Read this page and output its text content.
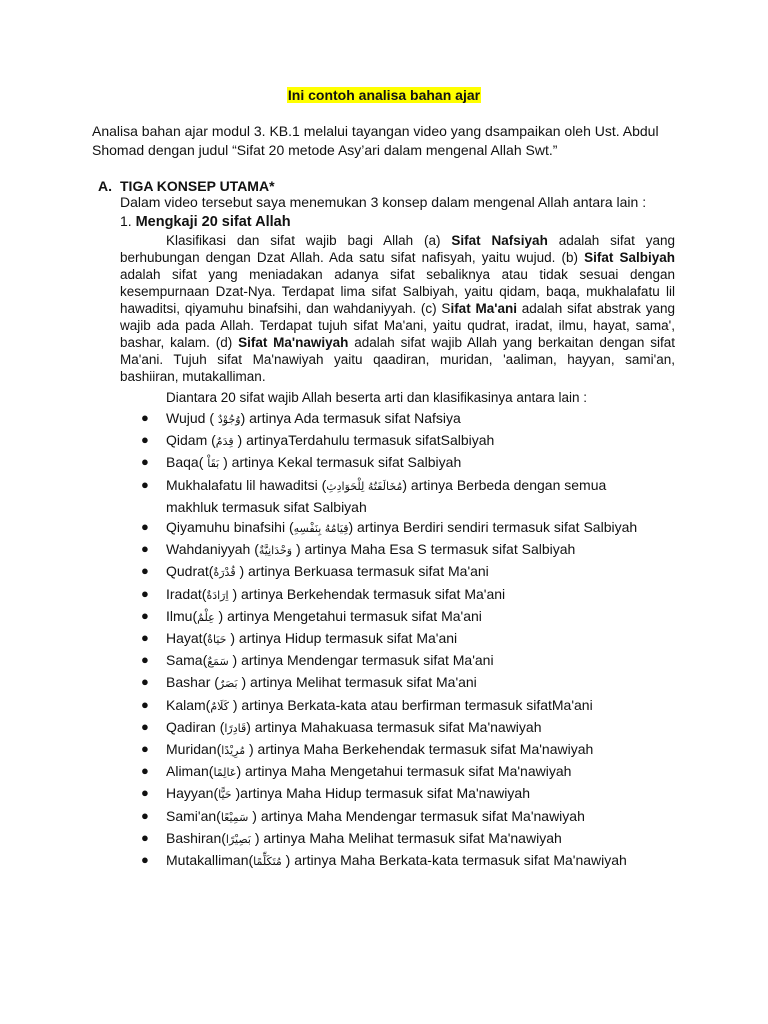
Ini contoh analisa bahan ajar
Analisa bahan ajar modul 3. KB.1 melalui tayangan video yang dsampaikan oleh Ust. Abdul Shomad dengan judul “Sifat 20 metode Asy’ari dalam mengenal Allah Swt.”
A. TIGA KONSEP UTAMA*
Dalam video tersebut saya menemukan 3 konsep dalam mengenal Allah antara lain :
1. Mengkaji 20 sifat Allah
Klasifikasi dan sifat wajib bagi Allah (a) Sifat Nafsiyah adalah sifat yang berhubungan dengan Dzat Allah. Ada satu sifat nafisyah, yaitu wujud. (b) Sifat Salbiyah adalah sifat yang meniadakan adanya sifat sebaliknya atau tidak sesuai dengan kesempurnaan Dzat-Nya. Terdapat lima sifat Salbiyah, yaitu qidam, baqa, mukhalafatu lil hawaditsi, qiyamuhu binafsihi, dan wahdaniyyah. (c) Sifat Ma'ani adalah sifat abstrak yang wajib ada pada Allah. Terdapat tujuh sifat Ma'ani, yaitu qudrat, iradat, ilmu, hayat, sama', bashar, kalam. (d) Sifat Ma'nawiyah adalah sifat wajib Allah yang berkaitan dengan sifat Ma'ani. Tujuh sifat Ma'nawiyah yaitu qaadiran, muridan, 'aaliman, hayyan, sami'an, bashiiran, mutakalliman.
Diantara 20 sifat wajib Allah beserta arti dan klasifikasinya antara lain :
● Wujud ( وُجُوْدٌ) artinya Ada termasuk sifat Nafsiya
● Qidam (قِدَمٌ ) artinyaTerdahulu termasuk sifatSalbiyah
● Baqa( بَقَاْ ) artinya Kekal termasuk sifat Salbiyah
● Mukhalafatu lil hawaditsi (مُخَالَفَتُهُ لِلْحَوَادِثِ) artinya Berbeda dengan semua makhluk termasuk sifat Salbiyah
● Qiyamuhu binafsihi (قِيَامُهُ بِنَفْسِهِ) artinya Berdiri sendiri termasuk sifat Salbiyah
● Wahdaniyyah (وَحْدَانِيَّةٌ ) artinya Maha Esa S termasuk sifat Salbiyah
● Qudrat(قُدْرَةٌ ) artinya Berkuasa termasuk sifat Ma'ani
● Iradat(اِرَادَةٌ ) artinya Berkehendak termasuk sifat Ma'ani
● Ilmu(عِلْمٌ ) artinya Mengetahui termasuk sifat Ma'ani
● Hayat(حَيَاةٌ ) artinya Hidup termasuk sifat Ma'ani
● Sama(سَمَعٌ ) artinya Mendengar termasuk sifat Ma'ani
● Bashar (بَصَرٌ ) artinya Melihat termasuk sifat Ma'ani
● Kalam(كَلَامٌ ) artinya Berkata-kata atau berfirman termasuk sifatMa'ani
● Qadiran (قَادِرًا) artinya Mahakuasa termasuk sifat Ma'nawiyah
● Muridan(مُرِيْدًا ) artinya Maha Berkehendak termasuk sifat Ma'nawiyah
● Aliman(عَالِمًا) artinya Maha Mengetahui termasuk sifat Ma'nawiyah
● Hayyan(حَيًّا )artinya Maha Hidup termasuk sifat Ma'nawiyah
● Sami'an(سَمِيْعًا ) artinya Maha Mendengar termasuk sifat Ma'nawiyah
● Bashiran(بَصِيْرًا ) artinya Maha Melihat termasuk sifat Ma'nawiyah
● Mutakalliman(مُتَكَلِّمًا ) artinya Maha Berkata-kata termasuk sifat Ma'nawiyah
